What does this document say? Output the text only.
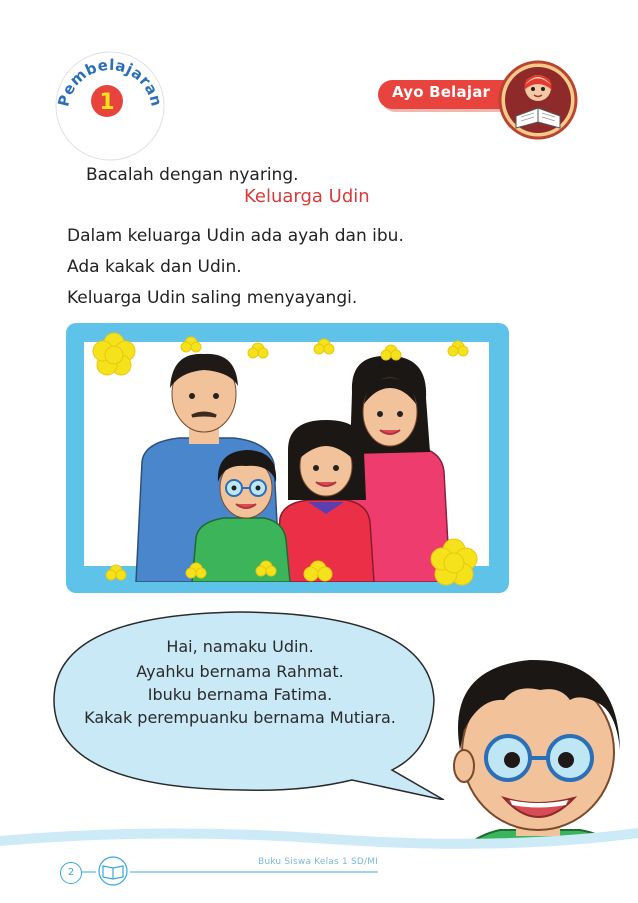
Pembelajaran
1	Ayo Belajar
Bacalah dengan nyaring.
Keluarga Udin
Dalam keluarga Udin ada ayah dan ibu.
Ada kakak dan Udin.
Keluarga Udin saling menyayangi.
Hai, namaku Udin.
Ayahku bernama Rahmat.
Ibuku bernama Fatima.
Kakak perempuanku bernama Mutiara.
2
Buku Siswa Kelas 1 SD/MI
